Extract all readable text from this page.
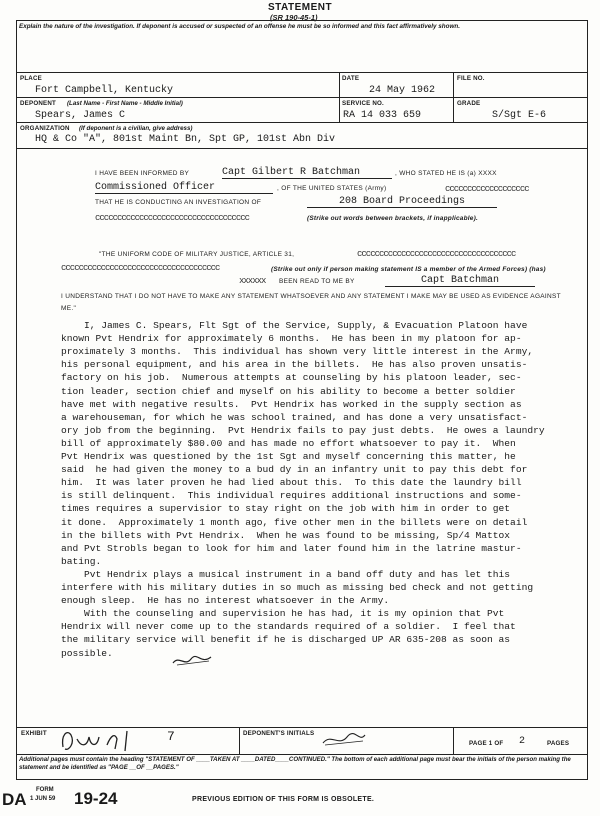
STATEMENT
(SR 190-45-1)
Explain the nature of the investigation. If deponent is accused or suspected of an offense he must be so informed and this fact affirmatively shown.
PLACE
Fort Campbell, Kentucky
DATE
24 May 1962
FILE NO.
DEPONENT (Last Name - First Name - Middle Initial)
Spears, James C
SERVICE NO.
RA 14 033 659
GRADE
S/Sgt E-6
ORGANIZATION (If deponent is a civilian, give address)
HQ & Co "A", 801st Maint Bn, Spt GP, 101st Abn Div
I HAVE BEEN INFORMED BY	Capt Gilbert R Batchman	, WHO STATED HE IS (a) XXXX
Commissioned Officer	, OF THE UNITED STATES (Army)	ccccccccccccccccccc
THAT HE IS CONDUCTING AN INVESTIGATION OF	208 Board Proceedings
ccccccccccccccccccccccccccccccccccc	(Strike out words between brackets, if inapplicable).
"THE UNIFORM CODE OF MILITARY JUSTICE, ARTICLE 31,	cccccccccccccccccccccccccccccccccccc
cccccccccccccccccccccccccccccccccccc	(Strike out only if person making statement IS a member of the Armed Forces) (has)
xxxxxx	BEEN READ TO ME BY	Capt Batchman
I UNDERSTAND THAT I DO NOT HAVE TO MAKE ANY STATEMENT WHATSOEVER AND ANY STATEMENT I MAKE MAY BE USED AS EVIDENCE AGAINST ME."
I, James C. Spears, Flt Sgt of the Service, Supply, & Evacuation Platoon have
known Pvt Hendrix for approximately 6 months.  He has been in my platoon for ap-
proximately 3 months.  This individual has shown very little interest in the Army,
his personal equipment, and his area in the billets.  He has also proven unsatis-
factory on his job.  Numerous attempts at counseling by his platoon leader, sec-
tion leader, section chief and myself on his ability to become a better soldier
have met with negative results.  Pvt Hendrix has worked in the supply section as
a warehouseman, for which he was school trained, and has done a very unsatisfact-
ory job from the beginning.  Pvt Hendrix fails to pay just debts.  He owes a laundry
bill of approximately $80.00 and has made no effort whatsoever to pay it.  When
Pvt Hendrix was questioned by the 1st Sgt and myself concerning this matter, he
said  he had given the money to a bud dy in an infantry unit to pay this debt for
him.  It was later proven he had lied about this.  To this date the laundry bill
is still delinquent.  This individual requires additional instructions and some-
times requires a supervisior to stay right on the job with him in order to get
it done.  Approximately 1 month ago, five other men in the billets were on detail
in the billets with Pvt Hendrix.  When he was found to be missing, Sp/4 Mattox
and Pvt Strobls began to look for him and later found him in the latrine mastur-
bating.
Pvt Hendrix plays a musical instrument in a band off duty and has let this
interfere with his military duties in so much as missing bed check and not getting
enough sleep.  He has no interest whatsoever in the Army.
With the counseling and supervision he has had, it is my opinion that Pvt
Hendrix will never come up to the standards required of a soldier.  I feel that
the military service will benefit if he is discharged UP AR 635-208 as soon as
possible.
EXHIBIT	7	DEPONENT'S INITIALS
PAGE 1 OF 2	PAGES
Additional pages must contain the heading "STATEMENT OF ____TAKEN AT ____DATED____CONTINUED." The bottom of each additional page must bear the initials of the person making the statement and be identified as "PAGE __OF __PAGES."
DA FORM
1 JUN 59 19-24	PREVIOUS EDITION OF THIS FORM IS OBSOLETE.
